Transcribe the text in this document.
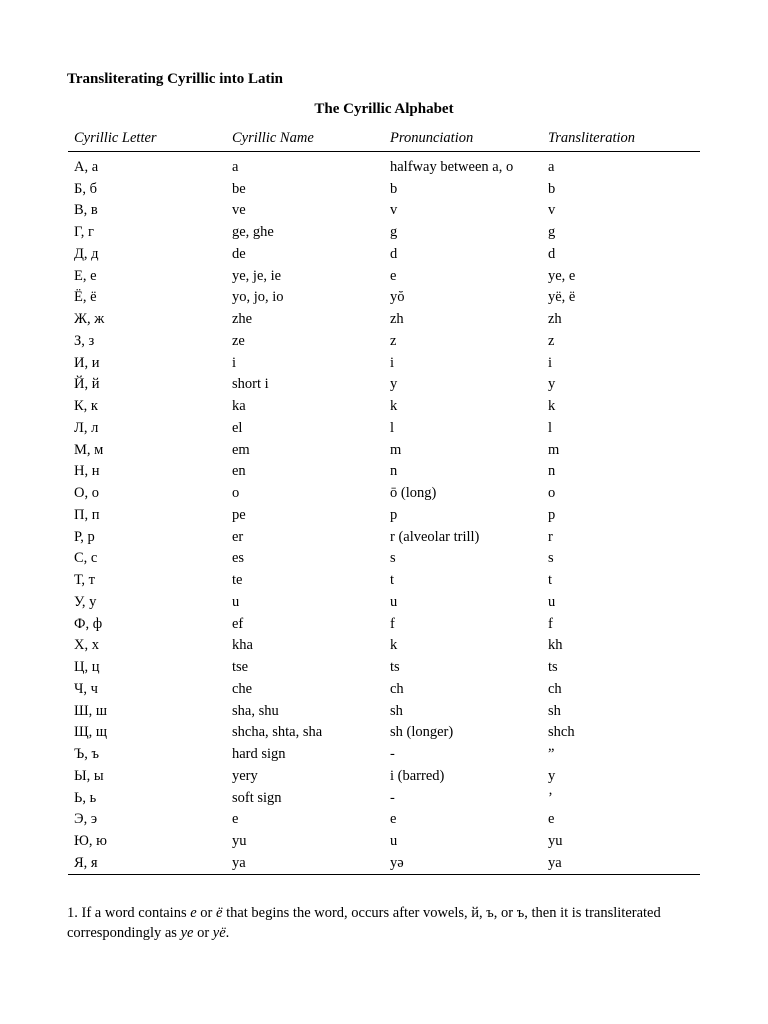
Transliterating Cyrillic into Latin
The Cyrillic Alphabet
Cyrillic Letter	Cyrillic Name	Pronunciation	Transliteration
А, а	a	halfway between a, o	a
Б, б	be	b	b
В, в	ve	v	v
Г, г	ge, ghe	g	g
Д, д	de	d	d
Е, е	ye, je, ie	e	ye, e
Ё, ё	yo, jo, io	yŏ	yë, ë
Ж, ж	zhe	zh	zh
З, з	ze	z	z
И, и	i	i	i
Й, й	short i	y	y
К, к	ka	k	k
Л, л	el	l	l
М, м	em	m	m
Н, н	en	n	n
О, о	o	ō (long)	o
П, п	pe	p	p
Р, р	er	r (alveolar trill)	r
С, с	es	s	s
Т, т	te	t	t
У, у	u	u	u
Ф, ф	ef	f	f
Х, х	kha	k	kh
Ц, ц	tse	ts	ts
Ч, ч	che	ch	ch
Ш, ш	sha, shu	sh	sh
Щ, щ	shcha, shta, sha	sh (longer)	shch
Ъ, ъ	hard sign	-	”
Ы, ы	yery	i (barred)	y
Ь, ь	soft sign	-	’
Э, э	e	e	e
Ю, ю	yu	u	yu
Я, я	ya	yə	ya
1. If a word contains e or ë that begins the word, occurs after vowels, й, ъ, or ъ, then it is transliterated correspondingly as ye or yë.
